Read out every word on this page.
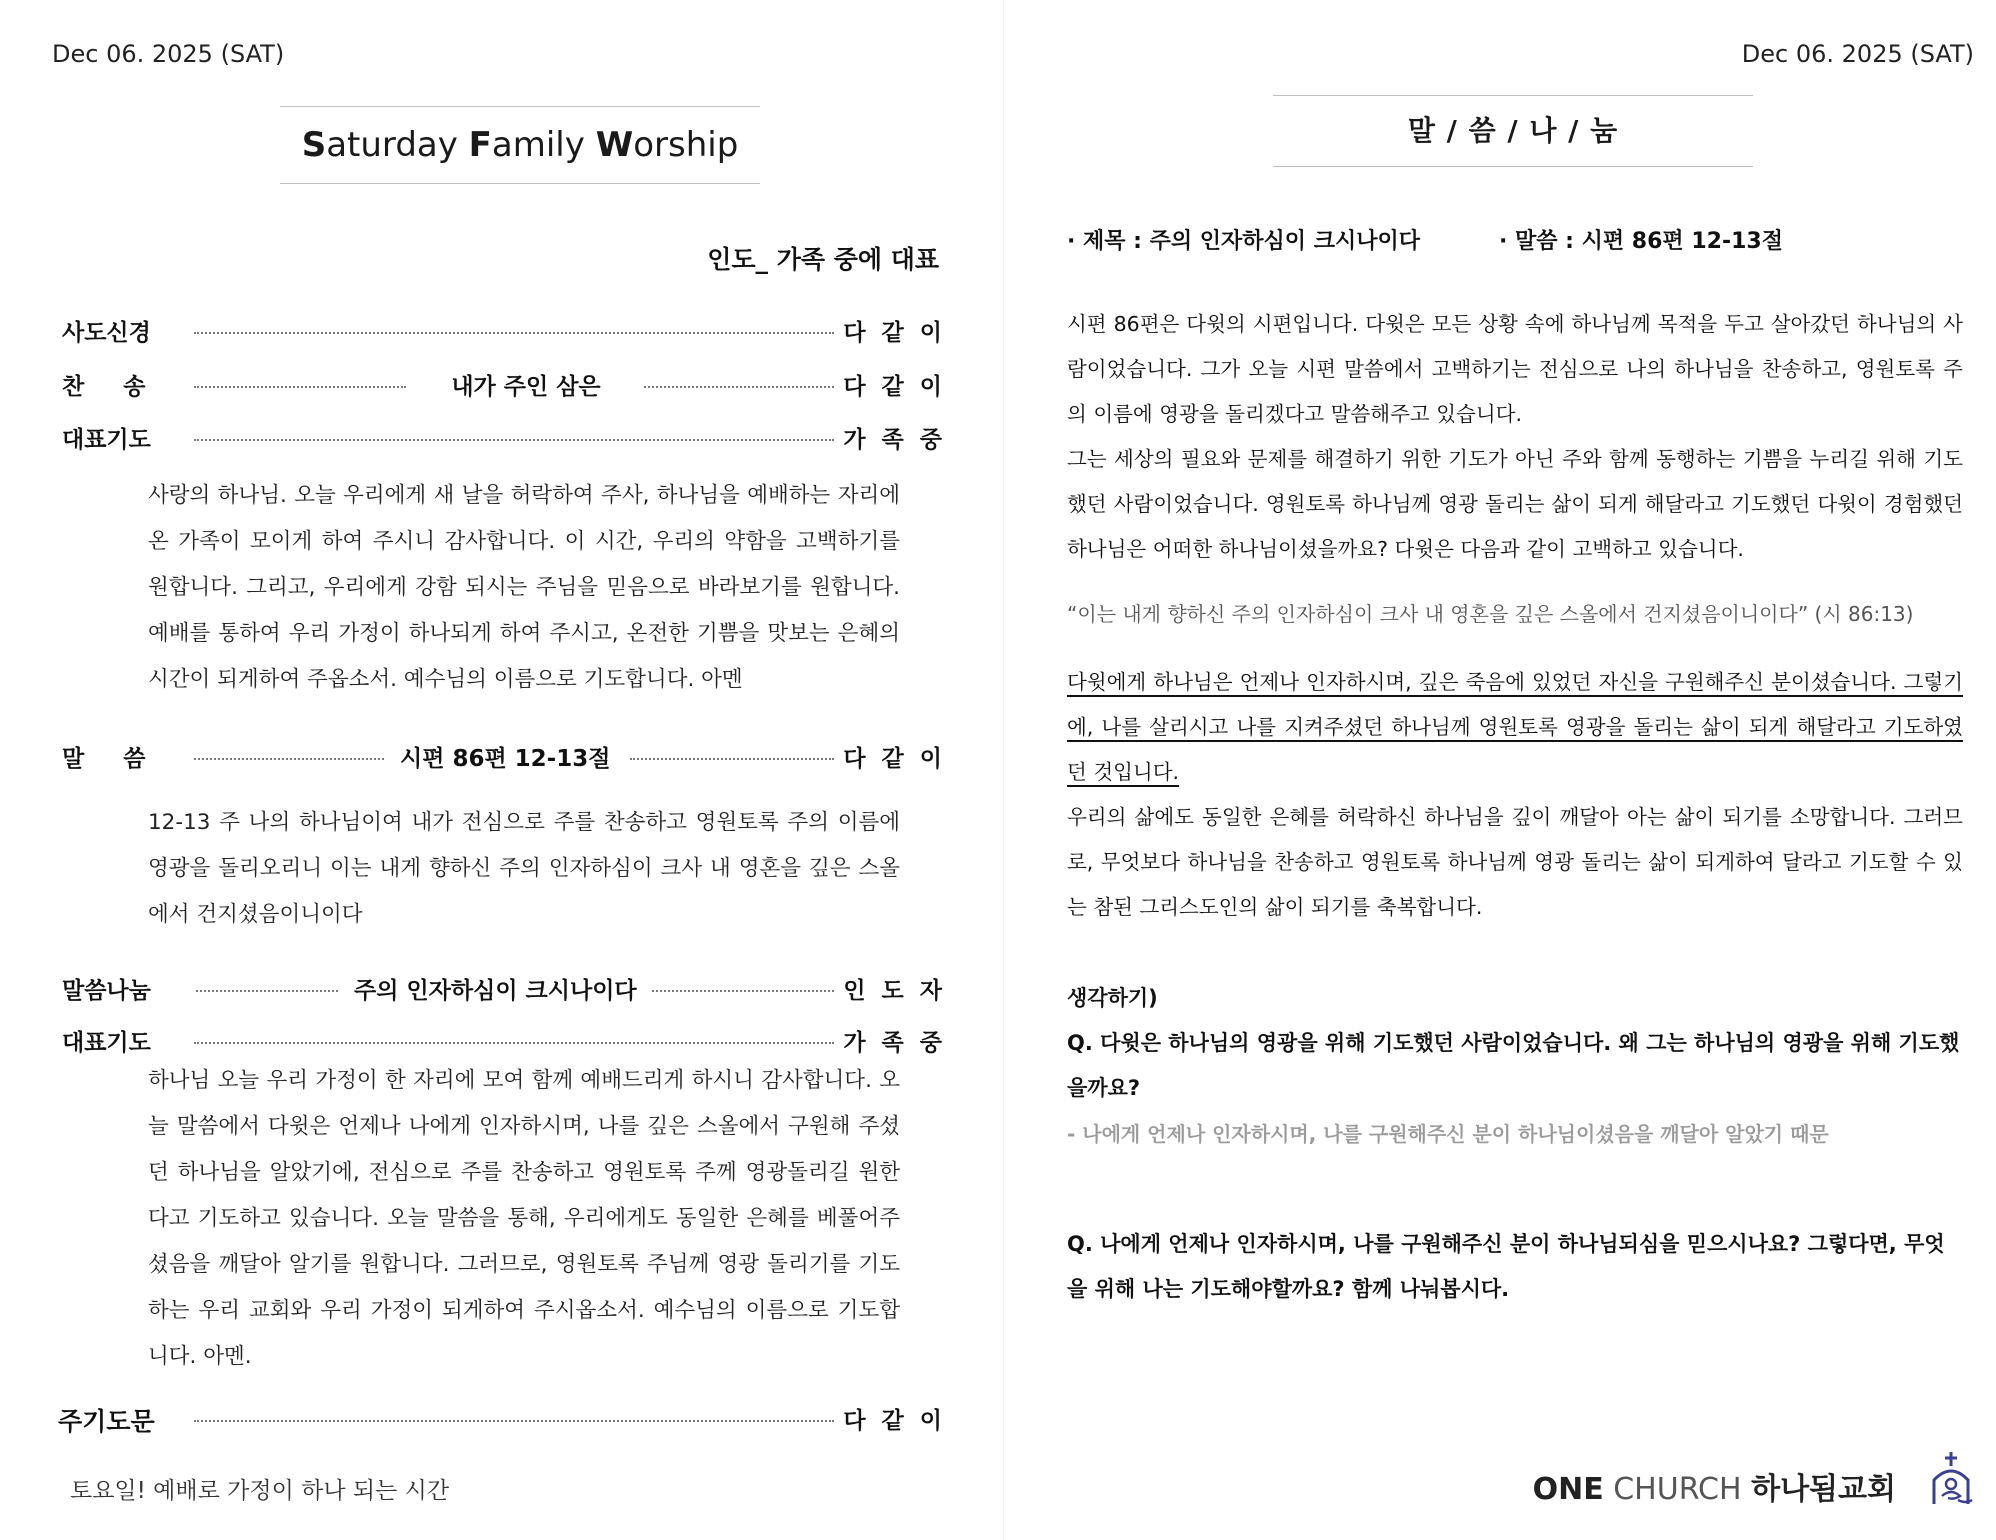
Dec 06. 2025 (SAT)
Saturday Family Worship
인도_ 가족 중에 대표
사도신경	다 같 이
찬 　 송	내가 주인 삼은	다 같 이
대표기도	가 족 중
사랑의 하나님. 오늘 우리에게 새 날을 허락하여 주사, 하나님을 예배하는 자리에 온 가족이 모이게 하여 주시니 감사합니다. 이 시간, 우리의 약함을 고백하기를 원합니다. 그리고, 우리에게 강함 되시는 주님을 믿음으로 바라보기를 원합니다. 예배를 통하여 우리 가정이 하나되게 하여 주시고, 온전한 기쁨을 맛보는 은혜의 시간이 되게하여 주옵소서. 예수님의 이름으로 기도합니다. 아멘
말 　 씀	시편 86편 12-13절	다 같 이
12-13 주 나의 하나님이여 내가 전심으로 주를 찬송하고 영원토록 주의 이름에 영광을 돌리오리니 이는 내게 향하신 주의 인자하심이 크사 내 영혼을 깊은 스올에서 건지셨음이니이다
말씀나눔	주의 인자하심이 크시나이다	인 도 자
대표기도	가 족 중
하나님 오늘 우리 가정이 한 자리에 모여 함께 예배드리게 하시니 감사합니다. 오늘 말씀에서 다윗은 언제나 나에게 인자하시며, 나를 깊은 스올에서 구원해 주셨던 하나님을 알았기에, 전심으로 주를 찬송하고 영원토록 주께 영광돌리길 원한다고 기도하고 있습니다. 오늘 말씀을 통해, 우리에게도 동일한 은혜를 베풀어주셨음을 깨달아 알기를 원합니다. 그러므로, 영원토록 주님께 영광 돌리기를 기도하는 우리 교회와 우리 가정이 되게하여 주시옵소서. 예수님의 이름으로 기도합니다. 아멘.
주기도문	다 같 이
토요일! 예배로 가정이 하나 되는 시간
Dec 06. 2025 (SAT)
말 / 씀 / 나 / 눔
· 제목 : 주의 인자하심이 크시나이다	· 말씀 : 시편 86편 12-13절
시편 86편은 다윗의 시편입니다. 다윗은 모든 상황 속에 하나님께 목적을 두고 살아갔던 하나님의 사람이었습니다. 그가 오늘 시편 말씀에서 고백하기는 전심으로 나의 하나님을 찬송하고, 영원토록 주의 이름에 영광을 돌리겠다고 말씀해주고 있습니다.
그는 세상의 필요와 문제를 해결하기 위한 기도가 아닌 주와 함께 동행하는 기쁨을 누리길 위해 기도했던 사람이었습니다. 영원토록 하나님께 영광 돌리는 삶이 되게 해달라고 기도했던 다윗이 경험했던 하나님은 어떠한 하나님이셨을까요? 다윗은 다음과 같이 고백하고 있습니다.
“이는 내게 향하신 주의 인자하심이 크사 내 영혼을 깊은 스올에서 건지셨음이니이다” (시 86:13)
다윗에게 하나님은 언제나 인자하시며, 깊은 죽음에 있었던 자신을 구원해주신 분이셨습니다. 그렇기에, 나를 살리시고 나를 지켜주셨던 하나님께 영원토록 영광을 돌리는 삶이 되게 해달라고 기도하였던 것입니다.
우리의 삶에도 동일한 은혜를 허락하신 하나님을 깊이 깨달아 아는 삶이 되기를 소망합니다. 그러므로, 무엇보다 하나님을 찬송하고 영원토록 하나님께 영광 돌리는 삶이 되게하여 달라고 기도할 수 있는 참된 그리스도인의 삶이 되기를 축복합니다.
생각하기)
Q. 다윗은 하나님의 영광을 위해 기도했던 사람이었습니다. 왜 그는 하나님의 영광을 위해 기도했을까요?
- 나에게 언제나 인자하시며, 나를 구원해주신 분이 하나님이셨음을 깨달아 알았기 때문
Q. 나에게 언제나 인자하시며, 나를 구원해주신 분이 하나님되심을 믿으시나요? 그렇다면, 무엇을 위해 나는 기도해야할까요? 함께 나눠봅시다.
ONE CHURCH 하나됨교회
